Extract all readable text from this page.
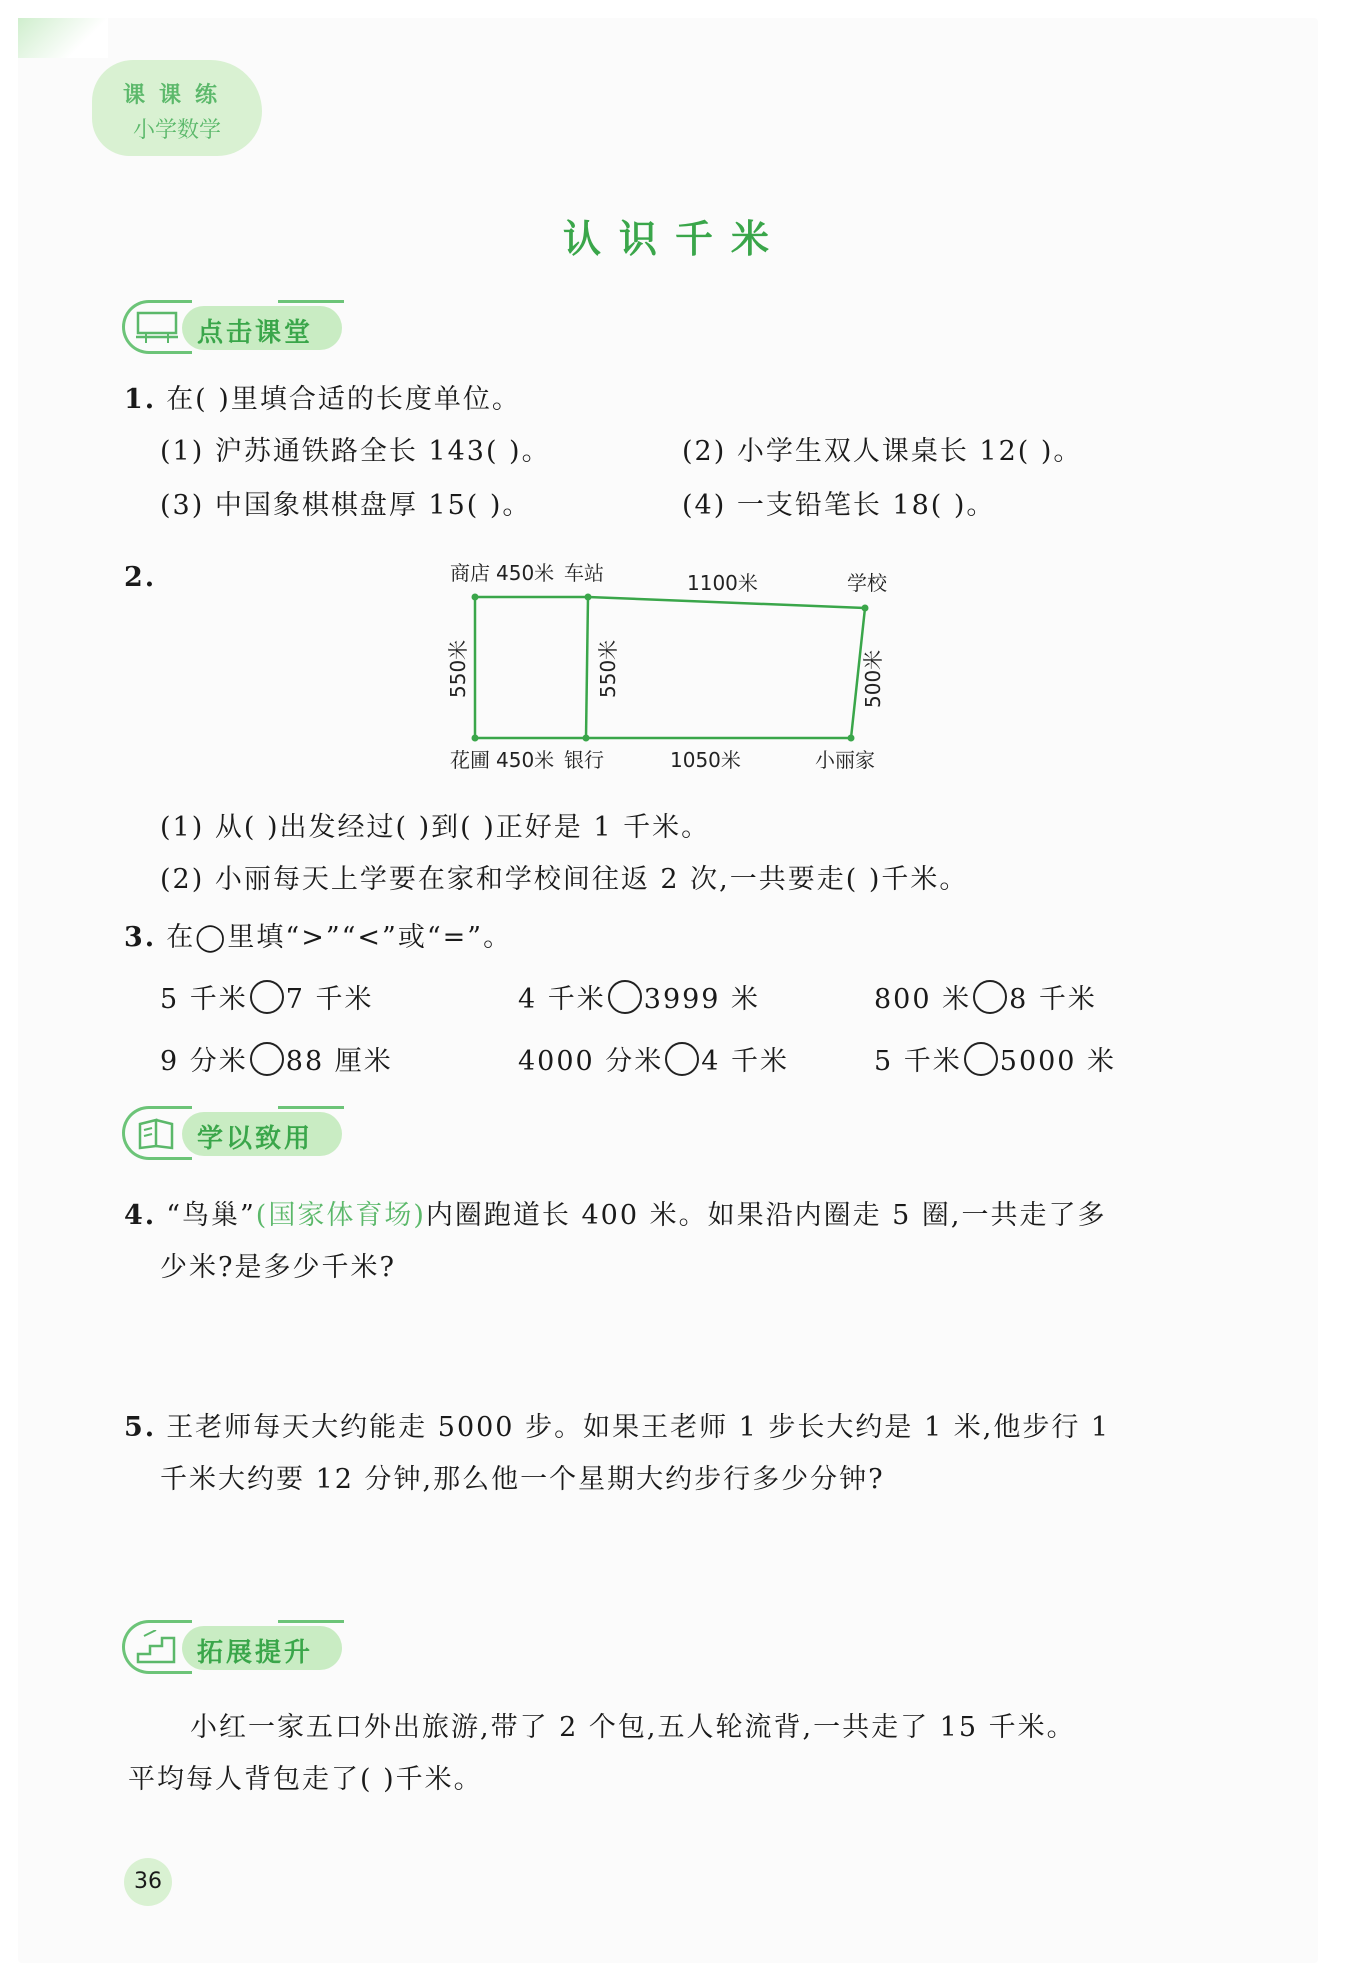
课课练
小学数学
认识千米
点击课堂
1. 在( )里填合适的长度单位。
(1) 沪苏通铁路全长 143( )。	(2) 小学生双人课桌长 12( )。
(3) 中国象棋棋盘厚 15( )。	(4) 一支铅笔长 18( )。
2.	商店 450米 车站	1100米	学校
花圃 450米 银行	1050米	小丽家
550米	550米	500米
(1) 从( )出发经过( )到( )正好是 1 千米。
(2) 小丽每天上学要在家和学校间往返 2 次,一共要走( )千米。
3. 在◯里填“>”“<”或“=”。
5 千米 7 千米	4 千米 3999 米	800 米 8 千米
9 分米 88 厘米	4000 分米 4 千米	5 千米 5000 米
学以致用
4. “鸟巢”(国家体育场)内圈跑道长 400 米。如果沿内圈走 5 圈,一共走了多
少米?是多少千米?
5. 王老师每天大约能走 5000 步。如果王老师 1 步长大约是 1 米,他步行 1
千米大约要 12 分钟,那么他一个星期大约步行多少分钟?
拓展提升
小红一家五口外出旅游,带了 2 个包,五人轮流背,一共走了 15 千米。
平均每人背包走了( )千米。
36
